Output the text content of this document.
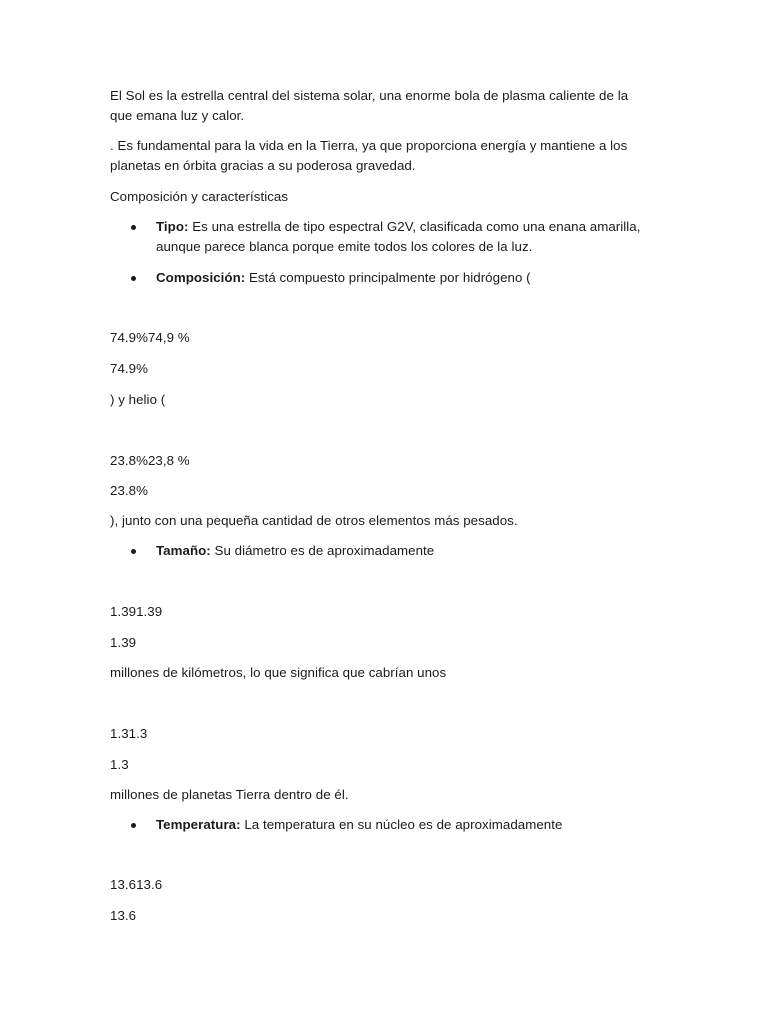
El Sol es la estrella central del sistema solar, una enorme bola de plasma caliente de la
que emana luz y calor.
. Es fundamental para la vida en la Tierra, ya que proporciona energía y mantiene a los
planetas en órbita gracias a su poderosa gravedad.
Composición y características
Tipo: Es una estrella de tipo espectral G2V, clasificada como una enana amarilla,
aunque parece blanca porque emite todos los colores de la luz.
Composición: Está compuesto principalmente por hidrógeno (
74.9%74,9 %
74.9%
) y helio (
23.8%23,8 %
23.8%
), junto con una pequeña cantidad de otros elementos más pesados.
Tamaño: Su diámetro es de aproximadamente
1.391.39
1.39
millones de kilómetros, lo que significa que cabrían unos
1.31.3
1.3
millones de planetas Tierra dentro de él.
Temperatura: La temperatura en su núcleo es de aproximadamente
13.613.6
13.6
